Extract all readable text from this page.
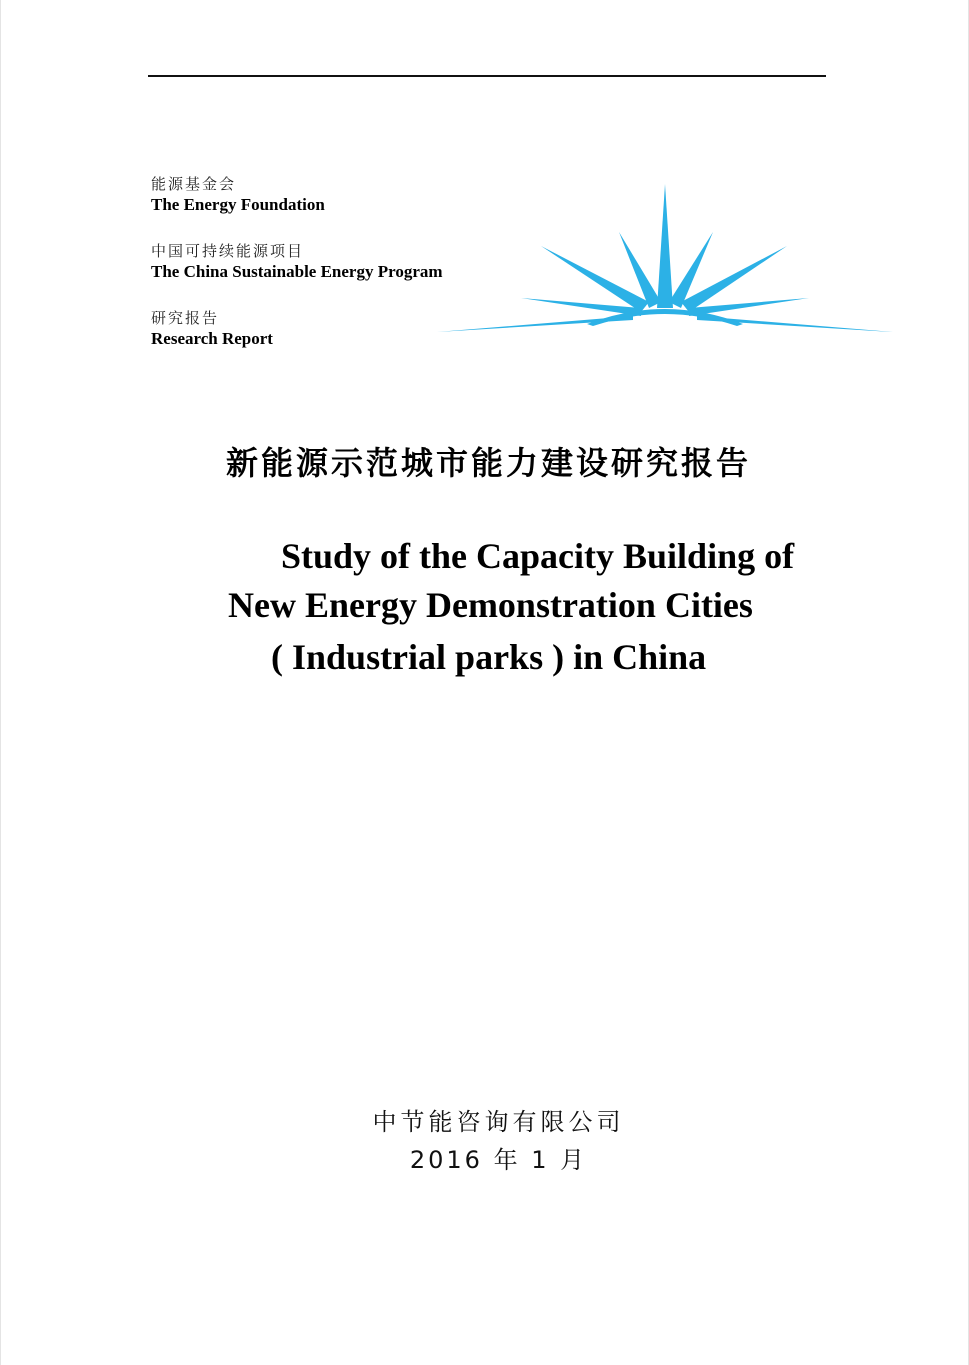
能源基金会
The Energy Foundation
中国可持续能源项目
The China Sustainable Energy Program
研究报告
Research Report
新能源示范城市能力建设研究报告
Study of the Capacity Building of
New Energy Demonstration Cities
( Industrial parks ) in China
中节能咨询有限公司
2016 年 1 月
